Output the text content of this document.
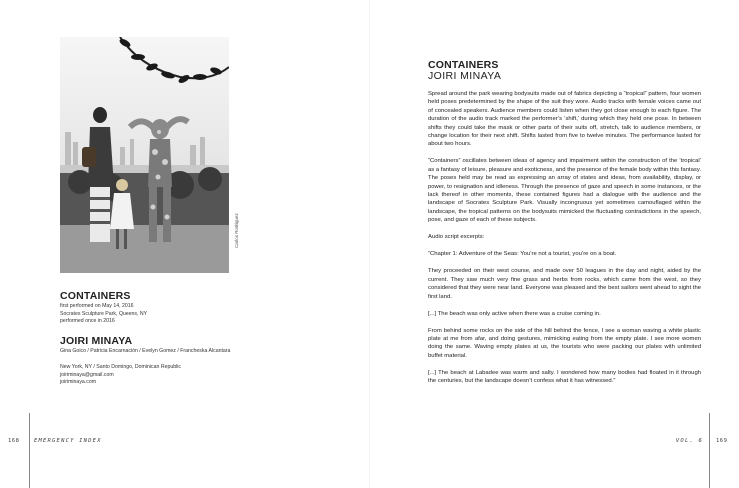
Carlos Rodriguez
CONTAINERS
first performed on May 14, 2016
Socrates Sculpture Park, Queens, NY
performed once in 2016
JOIRI MINAYA
Gina Goico / Patricia Encarnación / Evelyn Gomez / Francheska Alcantara
New York, NY / Santo Domingo, Dominican Republic
joiriminaya@gmail.com
joiriminaya.com
168	EMERGENCY INDEX
CONTAINERS
JOIRI MINAYA

Spread around the park wearing bodysuits made out of fabrics depicting a “tropical” pattern, four women held poses predetermined by the shape of the suit they wore. Audio tracks with female voices came out of concealed speakers. Audience members could listen when they got close enough to each figure. The duration of the audio track marked the performer’s ‘shift,’ during which they held one pose. In between shifts they could take the mask or other parts of their suits off, stretch, talk to audience members, or change location for their next shift. Shifts lasted from five to twelve minutes. The performance lasted for about two hours.

“Containers” oscillates between ideas of agency and impairment within the construction of the ‘tropical’ as a fantasy of leisure, pleasure and exoticness, and the presence of the female body within this fantasy. The poses held may be read as expressing an array of states and ideas, from availability, display, or power, to resignation and idleness. Through the presence of gaze and speech in some instances, or the lack thereof in other moments, these contained figures had a dialogue with the audience and the landscape of Socrates Sculpture Park. Visually incongruous yet sometimes camouflaged within the landscape, the tropical patterns on the bodysuits mimicked the fluctuating contradictions in the speech, pose, and gaze of each of these subjects.

Audio script excerpts:

“Chapter 1: Adventure of the Seas: You’re not a tourist, you’re on a boat.

They proceeded on their west course, and made over 50 leagues in the day and night, aided by the current. They saw much very fine grass and herbs from rocks, which came from the west, so they considered that they were near land. Everyone was pleased and the best sailors went ahead to sight the first land.

[...] The beach was only active when there was a cruise coming in.

From behind some rocks on the side of the hill behind the fence, I see a woman waving a white plastic plate at me from afar, and doing gestures, mimicking eating from the empty plate. I see more women doing the same. Waving empty plates at us, the tourists who were packing our plates with unlimited buffet material.

[...] The beach at Labadee was warm and salty. I wondered how many bodies had floated in it through the centuries, but the landscape doesn’t confess what it has witnessed.”

VOL. 6 169
